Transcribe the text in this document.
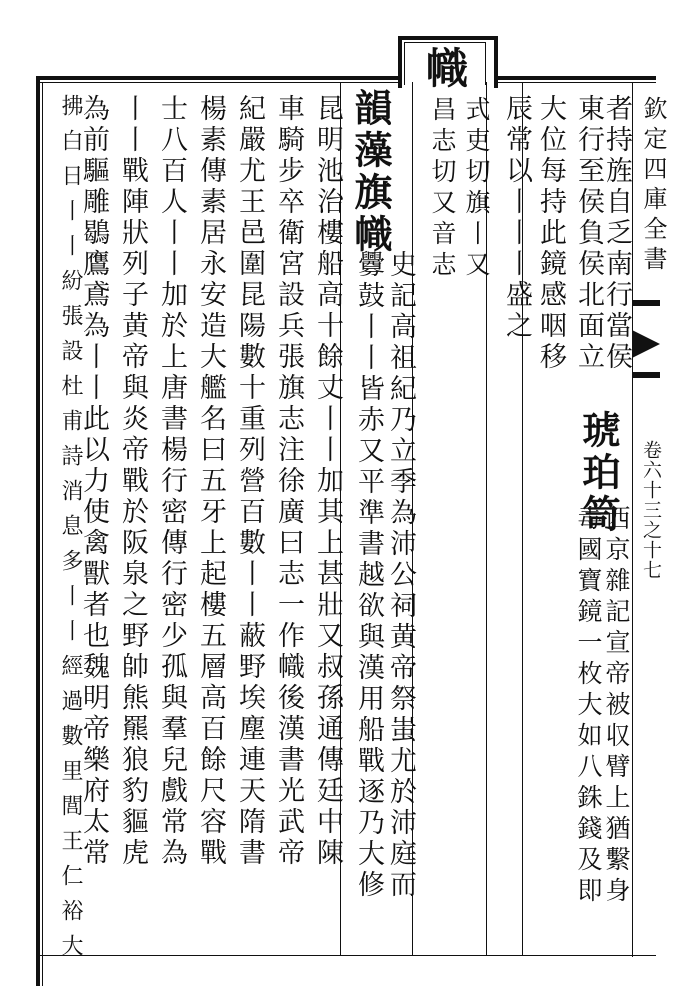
欽定四庫全書
卷六十三之十七
者持旌自乏南行當侯
東行至侯負侯北面立
琥珀笥
西京雜記宣帝被収臂上猶繫身
毒國寶鏡一枚大如八銖錢及即
大位每持此鏡感咽移
辰常以丨丨丨盛之
幟
式吏切旗丨又
昌志切又音志
韻藻旗幟
史記高祖紀乃立季為沛公祠黄帝祭蚩尤於沛庭而
釁鼓丨丨皆赤又平準書越欲與漢用船戰逐乃大修
昆明池治樓船高十餘丈丨丨加其上甚壯又叔孫通傳廷中陳
車騎步卒衛宮設兵張旗志注徐廣曰志一作幟後漢書光武帝
紀嚴尤王邑圍昆陽數十重列營百數丨丨蔽野埃塵連天隋書
楊素傳素居永安造大艦名曰五牙上起樓五層高百餘尺容戰
士八百人丨丨加於上唐書楊行密傳行密少孤與羣兒戲常為
丨丨戰陣狀列子黄帝與炎帝戰於阪泉之野帥熊羆狼豹貙虎
為前驅雕鶡鷹鳶為丨丨此以力使禽獸者也魏明帝樂府太常
拂白日丨丨紛張設杜甫詩消息多丨丨經過數里閭王仁裕大
